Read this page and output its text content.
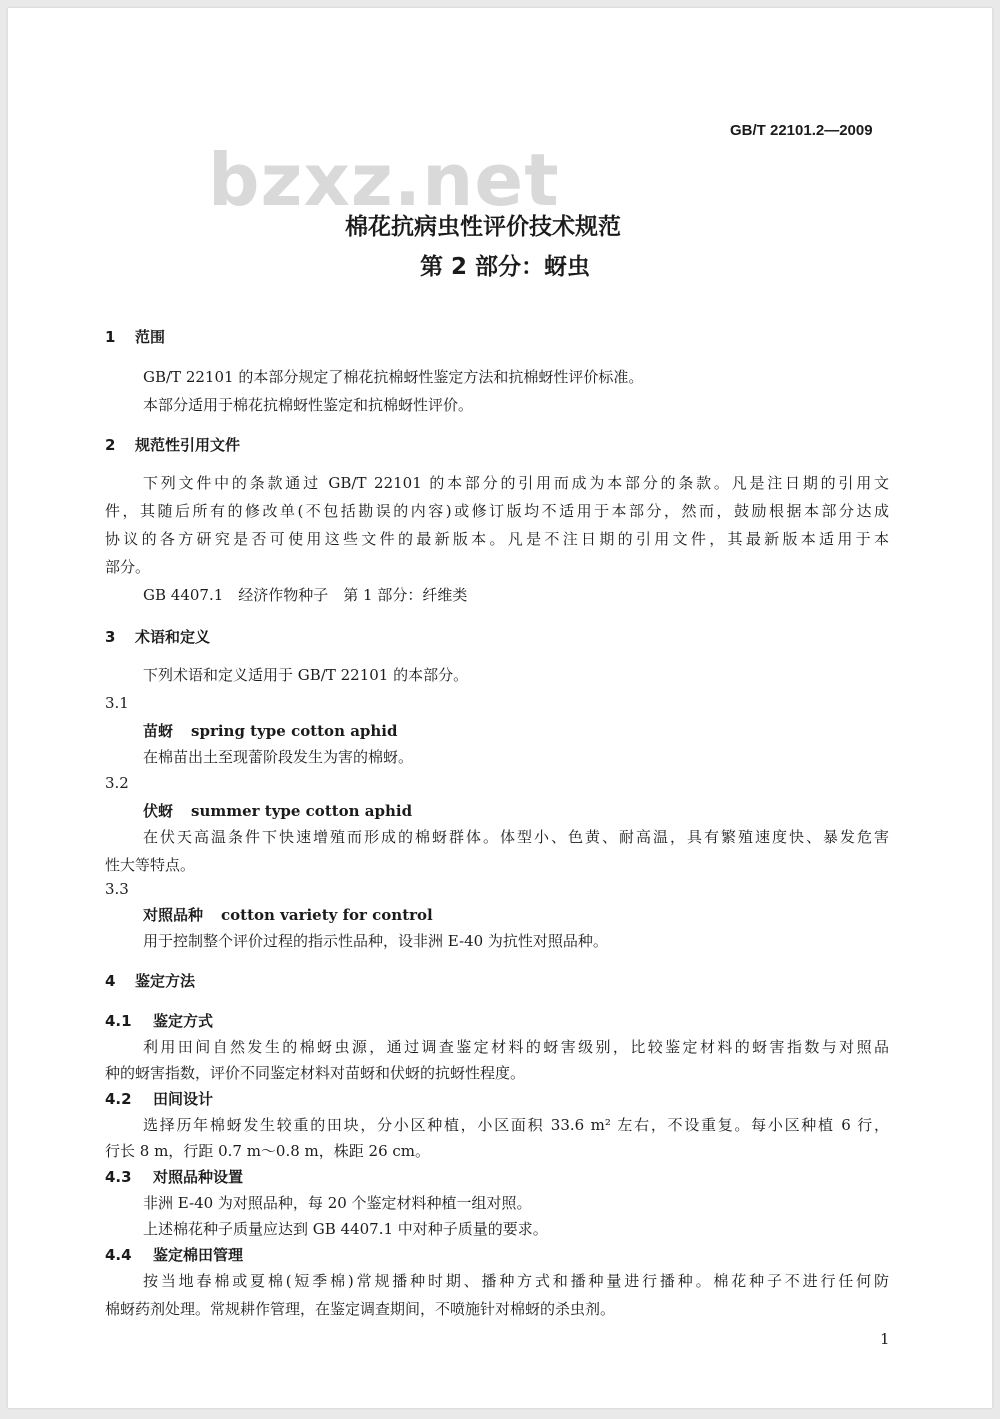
GB/T 22101.2—2009
bzxz.net
棉花抗病虫性评价技术规范
第 2 部分：蚜虫
1 范围
GB/T 22101 的本部分规定了棉花抗棉蚜性鉴定方法和抗棉蚜性评价标准。
本部分适用于棉花抗棉蚜性鉴定和抗棉蚜性评价。
2 规范性引用文件
下列文件中的条款通过 GB/T 22101 的本部分的引用而成为本部分的条款。凡是注日期的引用文
件，其随后所有的修改单(不包括勘误的内容)或修订版均不适用于本部分，然而，鼓励根据本部分达成
协议的各方研究是否可使用这些文件的最新版本。凡是不注日期的引用文件，其最新版本适用于本
部分。
GB 4407.1　经济作物种子　第 1 部分：纤维类
3 术语和定义
下列术语和定义适用于 GB/T 22101 的本部分。
3.1
苗蚜 spring type cotton aphid
在棉苗出土至现蕾阶段发生为害的棉蚜。
3.2
伏蚜 summer type cotton aphid
在伏天高温条件下快速增殖而形成的棉蚜群体。体型小、色黄、耐高温，具有繁殖速度快、暴发危害
性大等特点。
3.3
对照品种 cotton variety for control
用于控制整个评价过程的指示性品种，设非洲 E-40 为抗性对照品种。
4 鉴定方法
4.1 鉴定方式
利用田间自然发生的棉蚜虫源，通过调查鉴定材料的蚜害级别，比较鉴定材料的蚜害指数与对照品
种的蚜害指数，评价不同鉴定材料对苗蚜和伏蚜的抗蚜性程度。
4.2 田间设计
选择历年棉蚜发生较重的田块，分小区种植，小区面积 33.6 m² 左右，不设重复。每小区种植 6 行，
行长 8 m，行距 0.7 m～0.8 m，株距 26 cm。
4.3 对照品种设置
非洲 E-40 为对照品种，每 20 个鉴定材料种植一组对照。
上述棉花种子质量应达到 GB 4407.1 中对种子质量的要求。
4.4 鉴定棉田管理
按当地春棉或夏棉(短季棉)常规播种时期、播种方式和播种量进行播种。棉花种子不进行任何防
棉蚜药剂处理。常规耕作管理，在鉴定调查期间，不喷施针对棉蚜的杀虫剂。
1
